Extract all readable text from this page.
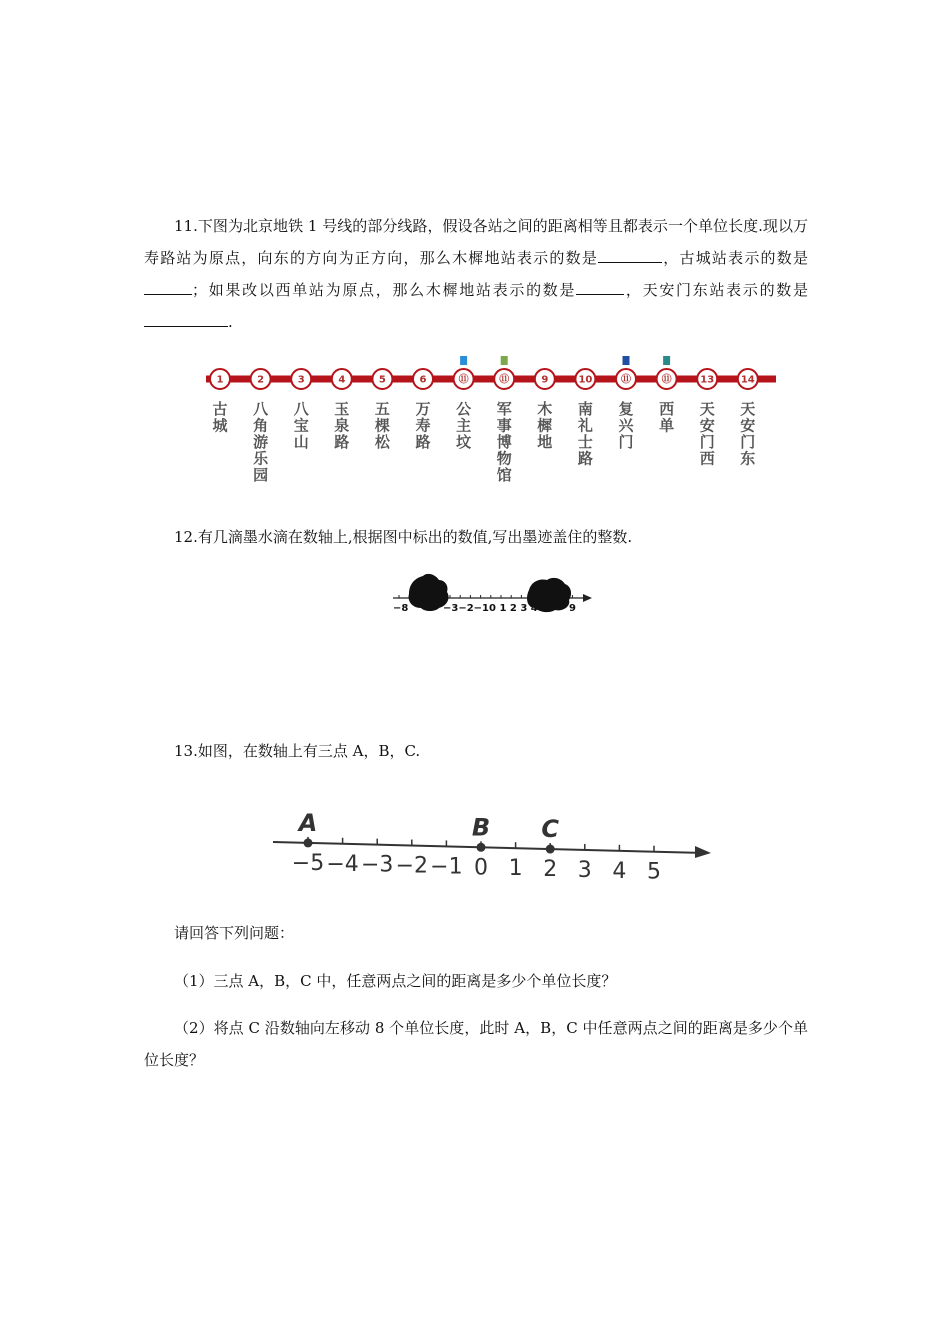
11.下图为北京地铁 1 号线的部分线路，假设各站之间的距离相等且都表示一个单位长度.现以万寿路站为原点，向东的方向为正方向，那么木樨地站表示的数是	，古城站表示的数是；如果改以西单站为原点，那么木樨地站表示的数是	，天安门东站表示的数是.

1
古城
2
八角游乐园
3
八宝山
4
玉泉路
5
五棵松
6
万寿路
⑪
公主坟
⑪
军事博物馆
9
木樨地
10
南礼士路
⑪
复兴门
⑪
西单
13
天安门西
14
天安门东

12.有几滴墨水滴在数轴上,根据图中标出的数值,写出墨迹盖住的整数.

−8	−3−2−10 1 2 3 4	9

13.如图，在数轴上有三点 A，B，C.

−5 −4 −3 −2 −1 0 1 2 3 4 5
A	B C

请回答下列问题：

（1）三点 A，B，C 中，任意两点之间的距离是多少个单位长度？

（2）将点 C 沿数轴向左移动 8 个单位长度，此时 A，B，C 中任意两点之间的距离是多少个单位长度？
